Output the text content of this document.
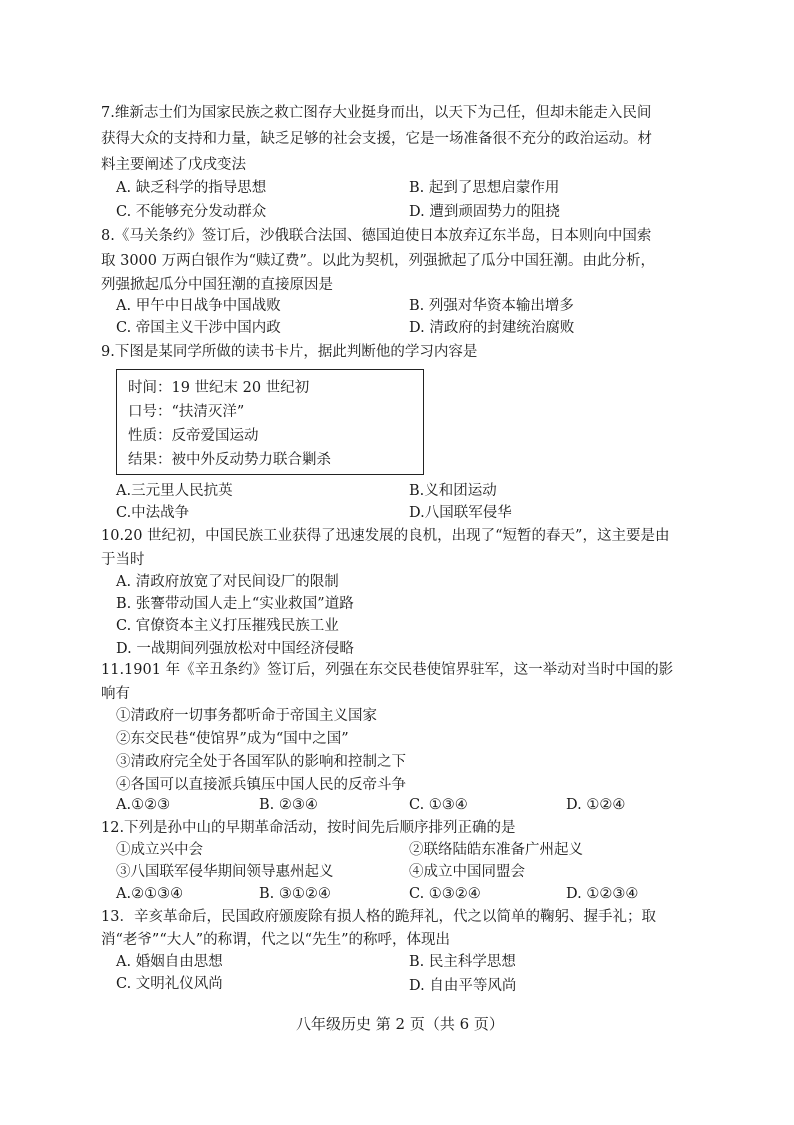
7.维新志士们为国家民族之救亡图存大业挺身而出，以天下为己任，但却未能走入民间
获得大众的支持和力量，缺乏足够的社会支援，它是一场准备很不充分的政治运动。材
料主要阐述了戊戌变法
A. 缺乏科学的指导思想	B. 起到了思想启蒙作用
C. 不能够充分发动群众	D. 遭到顽固势力的阻挠
8.《马关条约》签订后，沙俄联合法国、德国迫使日本放弃辽东半岛，日本则向中国索
取 3000 万两白银作为“赎辽费”。以此为契机，列强掀起了瓜分中国狂潮。由此分析，
列强掀起瓜分中国狂潮的直接原因是
A. 甲午中日战争中国战败	B. 列强对华资本输出增多
C. 帝国主义干涉中国内政	D. 清政府的封建统治腐败
9.下图是某同学所做的读书卡片，据此判断他的学习内容是
时间：19 世纪末 20 世纪初
口号：“扶清灭洋”
性质：反帝爱国运动
结果：被中外反动势力联合剿杀
A.三元里人民抗英	B.义和团运动
C.中法战争	D.八国联军侵华
10.20 世纪初，中国民族工业获得了迅速发展的良机，出现了“短暂的春天”，这主要是由
于当时
A. 清政府放宽了对民间设厂的限制
B. 张謇带动国人走上“实业救国”道路
C. 官僚资本主义打压摧残民族工业
D. 一战期间列强放松对中国经济侵略
11.1901 年《辛丑条约》签订后，列强在东交民巷使馆界驻军，这一举动对当时中国的影
响有
①清政府一切事务都听命于帝国主义国家
②东交民巷“使馆界”成为“国中之国”
③清政府完全处于各国军队的影响和控制之下
④各国可以直接派兵镇压中国人民的反帝斗争
A.①②③	B. ②③④	C. ①③④	D. ①②④
12.下列是孙中山的早期革命活动，按时间先后顺序排列正确的是
①成立兴中会	②联络陆皓东准备广州起义
③八国联军侵华期间领导惠州起义	④成立中国同盟会
A.②①③④	B. ③①②④	C. ①③②④	D. ①②③④
13．辛亥革命后，民国政府颁废除有损人格的跪拜礼，代之以简单的鞠躬、握手礼；取
消“老爷”“大人”的称谓，代之以“先生”的称呼，体现出
A. 婚姻自由思想	B. 民主科学思想
C. 文明礼仪风尚	D. 自由平等风尚
八年级历史 第 2 页（共 6 页）
